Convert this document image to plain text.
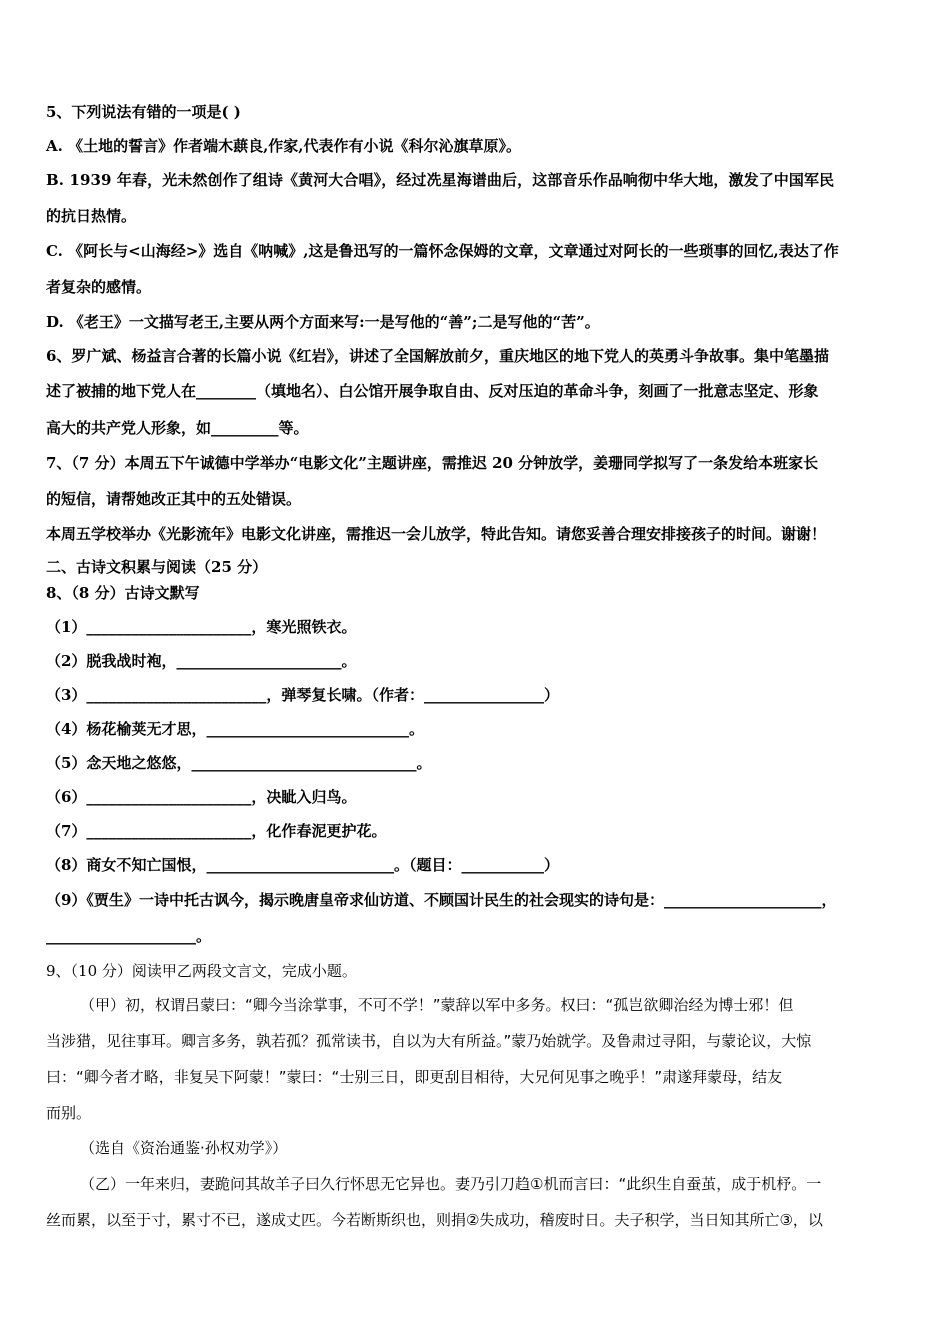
5、下列说法有错的一项是( )
A. 《土地的誓言》作者端木蕻良,作家,代表作有小说《科尔沁旗草原》。
B. 1939 年春，光未然创作了组诗《黄河大合唱》，经过冼星海谱曲后，这部音乐作品响彻中华大地，激发了中国军民
的抗日热情。
C. 《阿长与<山海经>》选自《呐喊》,这是鲁迅写的一篇怀念保姆的文章，文章通过对阿长的一些琐事的回忆,表达了作
者复杂的感情。
D. 《老王》一文描写老王,主要从两个方面来写:一是写他的“善”;二是写他的“苦”。
6、罗广斌、杨益言合著的长篇小说《红岩》，讲述了全国解放前夕，重庆地区的地下党人的英勇斗争故事。集中笔墨描
述了被捕的地下党人在________（填地名）、白公馆开展争取自由、反对压迫的革命斗争，刻画了一批意志坚定、形象
高大的共产党人形象，如_________等。
7、（7 分）本周五下午诚德中学举办“电影文化”主题讲座，需推迟 20 分钟放学，姜珊同学拟写了一条发给本班家长
的短信，请帮她改正其中的五处错误。
本周五学校举办《光影流年》电影文化讲座，需推迟一会儿放学，特此告知。请您妥善合理安排接孩子的时间。谢谢！
二、古诗文积累与阅读（25 分）
8、（8 分）古诗文默写
（1）______________________，寒光照铁衣。
（2）脱我战时袍，______________________。
（3）________________________，弹琴复长啸。（作者：________________）
（4）杨花榆荚无才思，___________________________。
（5）念天地之悠悠，______________________________。
（6）______________________，决眦入归鸟。
（7）______________________，化作春泥更护花。
（8）商女不知亡国恨，_________________________。（题目：___________）
（9）《贾生》一诗中托古讽今，揭示晚唐皇帝求仙访道、不顾国计民生的社会现实的诗句是：_____________________，
____________________。
9、（10 分）阅读甲乙两段文言文，完成小题。
（甲）初，权谓吕蒙曰：“卿今当涂掌事，不可不学！”蒙辞以军中多务。权曰：“孤岂欲卿治经为博士邪！但
当涉猎，见往事耳。卿言多务，孰若孤？孤常读书，自以为大有所益。”蒙乃始就学。及鲁肃过寻阳，与蒙论议，大惊
曰：“卿今者才略，非复吴下阿蒙！”蒙曰：“士别三日，即更刮目相待，大兄何见事之晚乎！”肃遂拜蒙母，结友
而别。
（选自《资治通鉴·孙权劝学》）
（乙）一年来归，妻跪问其故羊子曰久行怀思无它异也。妻乃引刀趋①机而言曰：“此织生自蚕茧，成于机杼。一
丝而累，以至于寸，累寸不已，遂成丈匹。今若断斯织也，则捐②失成功，稽废时日。夫子积学，当日知其所亡③，以
